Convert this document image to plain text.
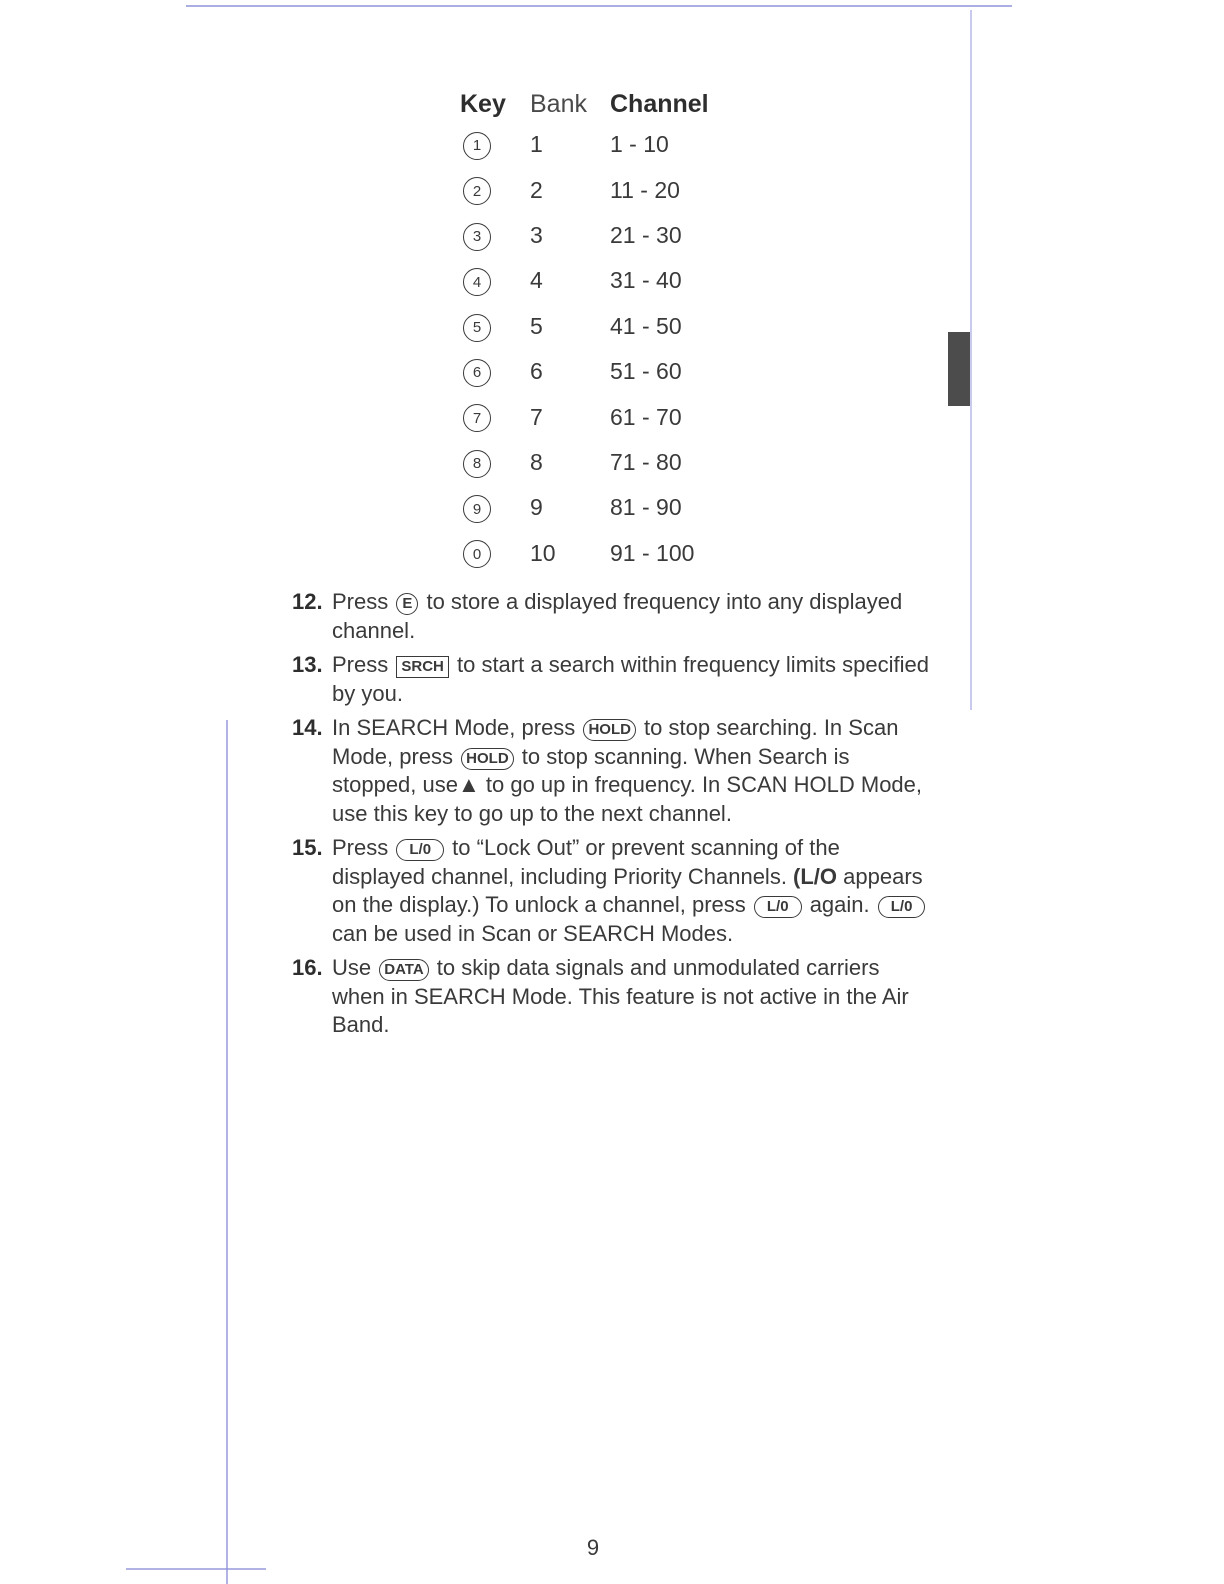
Key Bank Channel
1	1	1 - 10
2	2	11 - 20
3	3	21 - 30
4	4	31 - 40
5	5	41 - 50
6	6	51 - 60
7	7	61 - 70
8	8	71 - 80
9	9	81 - 90
0	10	91 - 100
12. Press E to store a displayed frequency into any displayed channel.
13. Press SRCH to start a search within frequency limits specified by you.
14. In SEARCH Mode, press HOLD to stop searching. In Scan Mode, press HOLD to stop scanning. When Search is stopped, use▲ to go up in frequency. In SCAN HOLD Mode, use this key to go up to the next channel.
15. Press L/0 to “Lock Out” or prevent scanning of the displayed channel, including Priority Channels. (L/O appears on the display.) To unlock a channel, press L/0 again. L/0 can be used in Scan or SEARCH Modes.
16. Use DATA to skip data signals and unmodulated carriers when in SEARCH Mode. This feature is not active in the Air Band.
9
